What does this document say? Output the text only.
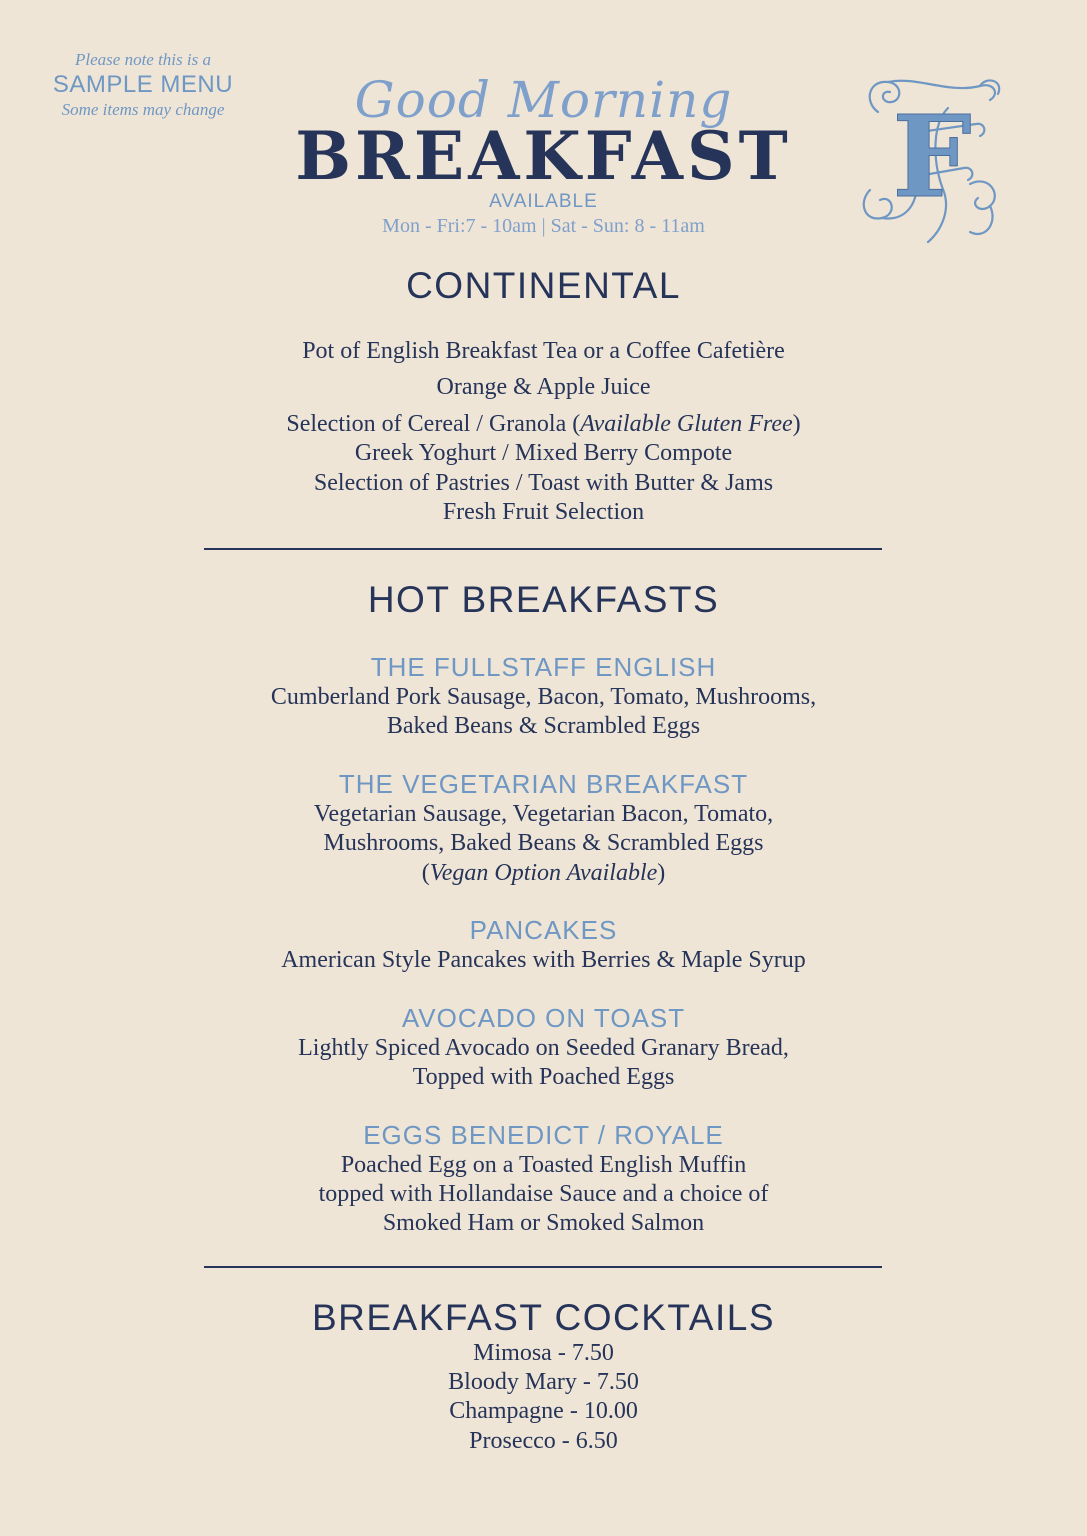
Please note this is a
SAMPLE MENU
Some items may change	Good Morning
BREAKFAST
AVAILABLE
Mon - Fri:7 - 10am | Sat - Sun: 8 - 11am
F
CONTINENTAL
Pot of English Breakfast Tea or a Coffee Cafetière
Orange & Apple Juice
Selection of Cereal / Granola (Available Gluten Free)
Greek Yoghurt / Mixed Berry Compote
Selection of Pastries / Toast with Butter & Jams
Fresh Fruit Selection
HOT BREAKFASTS
THE FULLSTAFF ENGLISH
Cumberland Pork Sausage, Bacon, Tomato, Mushrooms,
Baked Beans & Scrambled Eggs
THE VEGETARIAN BREAKFAST
Vegetarian Sausage, Vegetarian Bacon, Tomato,
Mushrooms, Baked Beans & Scrambled Eggs
(Vegan Option Available)
PANCAKES
American Style Pancakes with Berries & Maple Syrup
AVOCADO ON TOAST
Lightly Spiced Avocado on Seeded Granary Bread,
Topped with Poached Eggs
EGGS BENEDICT / ROYALE
Poached Egg on a Toasted English Muffin
topped with Hollandaise Sauce and a choice of
Smoked Ham or Smoked Salmon
BREAKFAST COCKTAILS
Mimosa - 7.50
Bloody Mary - 7.50
Champagne - 10.00
Prosecco - 6.50
